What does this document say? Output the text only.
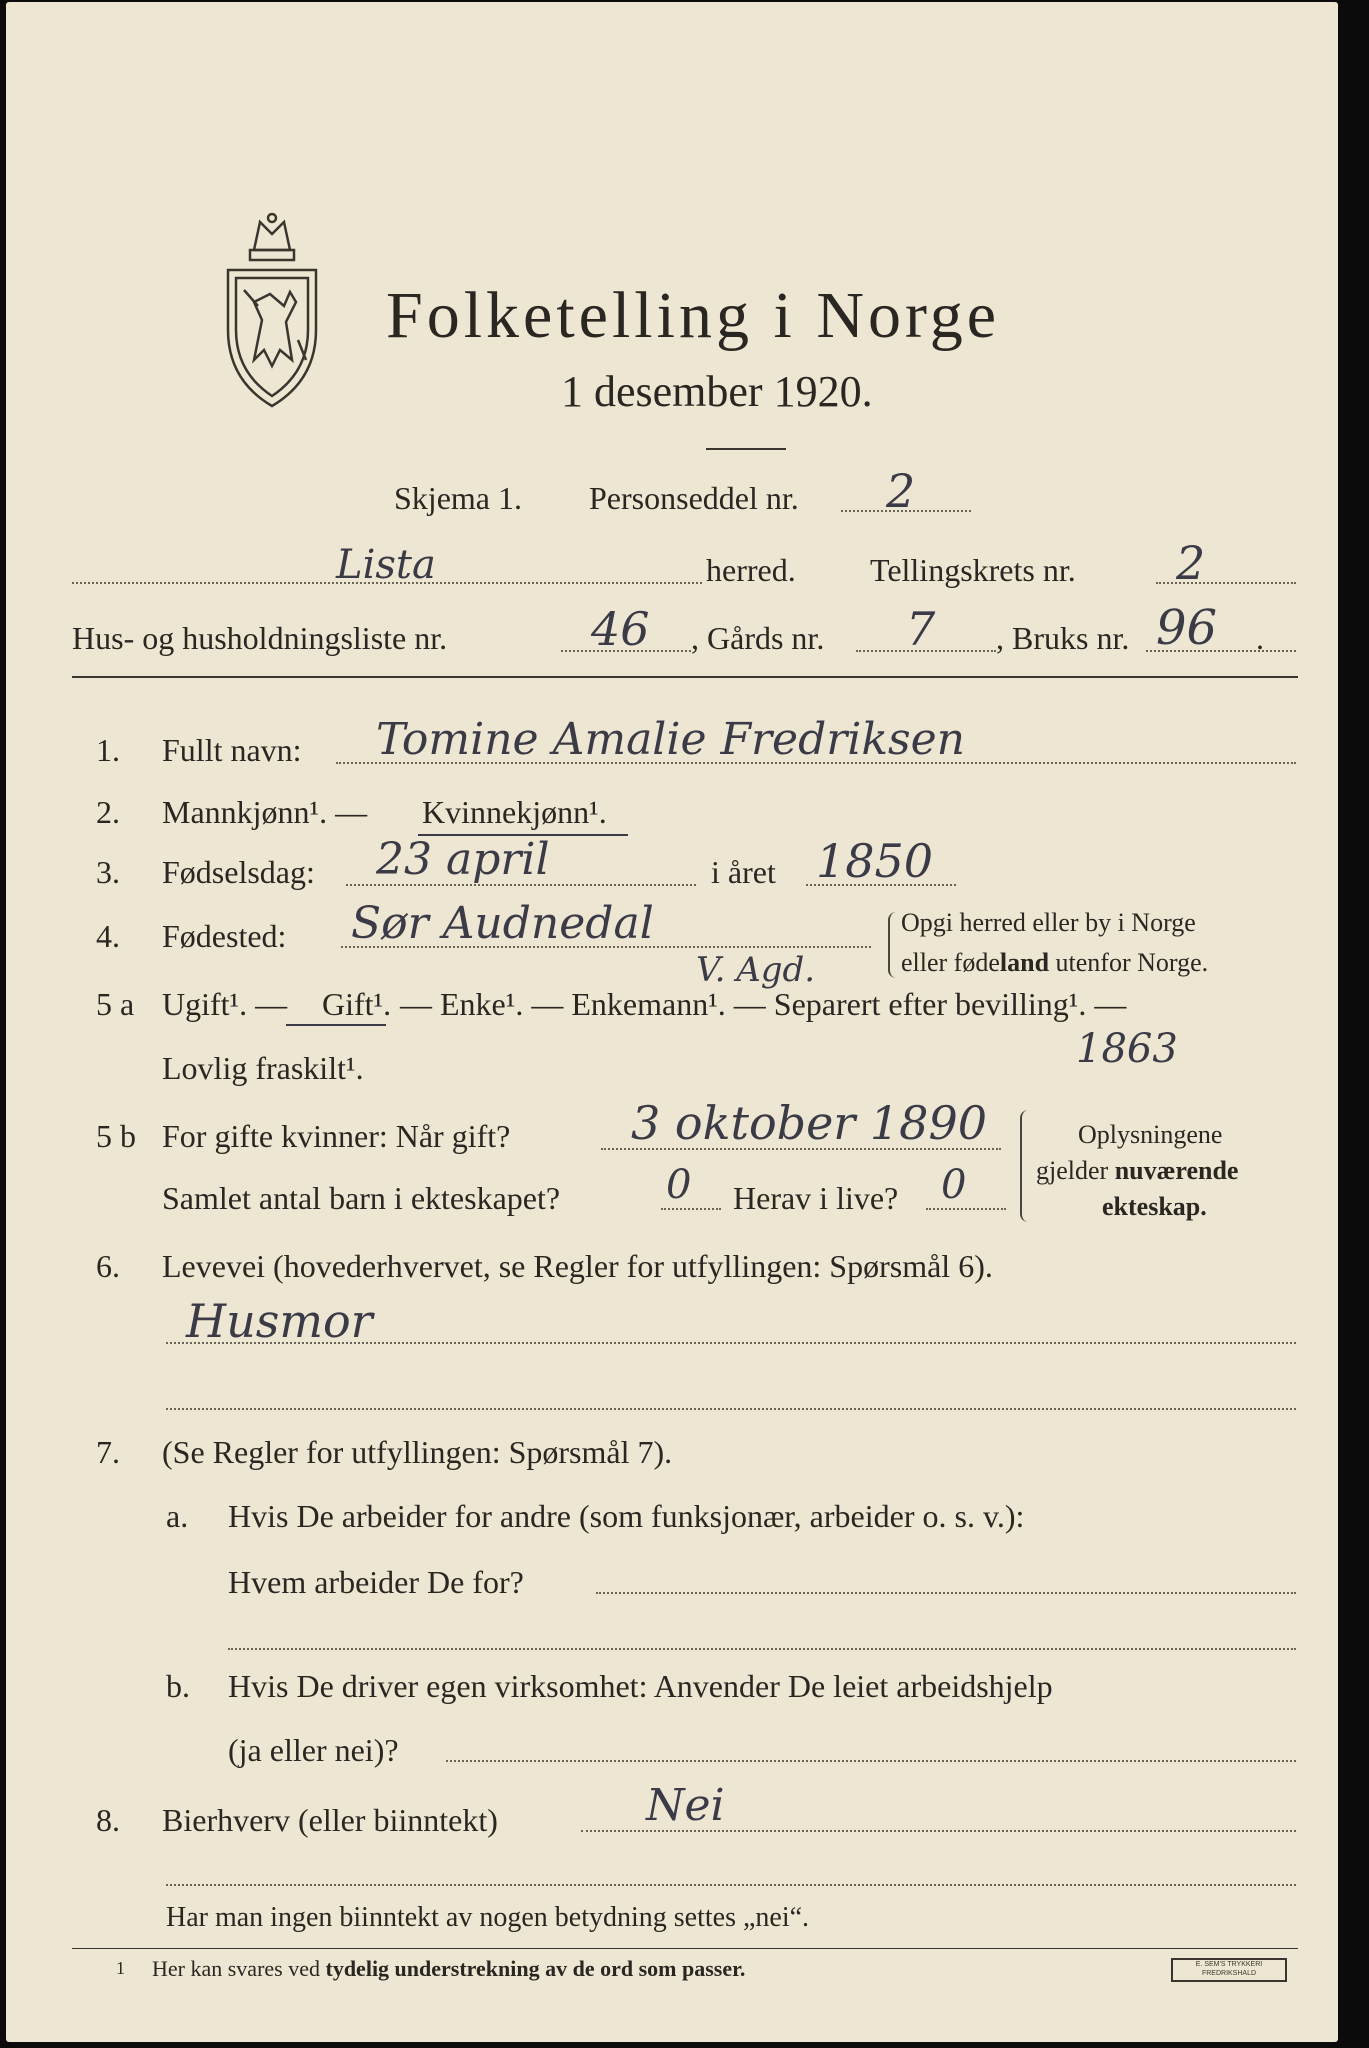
Folketelling i Norge
1 desember 1920.
Skjema 1. Personseddel nr. 2
Lista	herred. Tellingskrets nr. 2
Hus- og husholdningsliste nr.	46 , Gårds nr. 7 , Bruks nr. 96 .
1. Fullt navn: Tomine Amalie Fredriksen
2. Mannkjønn¹. — Kvinnekjønn¹.
3. Fødselsdag: 23 april	i året 1850
4. Fødested: Sør Audnedal
V. Agd.
Opgi herred eller by i Norge
eller fødeland utenfor Norge.
5 a Ugift¹. — Gift¹. — Enke¹. — Enkemann¹. — Separert efter bevilling¹. —
Lovlig fraskilt¹.	1863
5 b For gifte kvinner: Når gift?	3 oktober 1890
Samlet antal barn i ekteskapet?	0 Herav i live? 0
Oplysningene
gjelder nuværende
ekteskap.
6. Levevei (hovederhvervet, se Regler for utfyllingen: Spørsmål 6).
Husmor
7. (Se Regler for utfyllingen: Spørsmål 7).
a. Hvis De arbeider for andre (som funksjonær, arbeider o. s. v.):
Hvem arbeider De for?
b. Hvis De driver egen virksomhet: Anvender De leiet arbeidshjelp
(ja eller nei)?
8. Bierhverv (eller biinntekt)	Nei
Har man ingen biinntekt av nogen betydning settes „nei“.
1 Her kan svares ved tydelig understrekning av de ord som passer.	E. SEM'S TRYKKERI
FREDRIKSHALD
